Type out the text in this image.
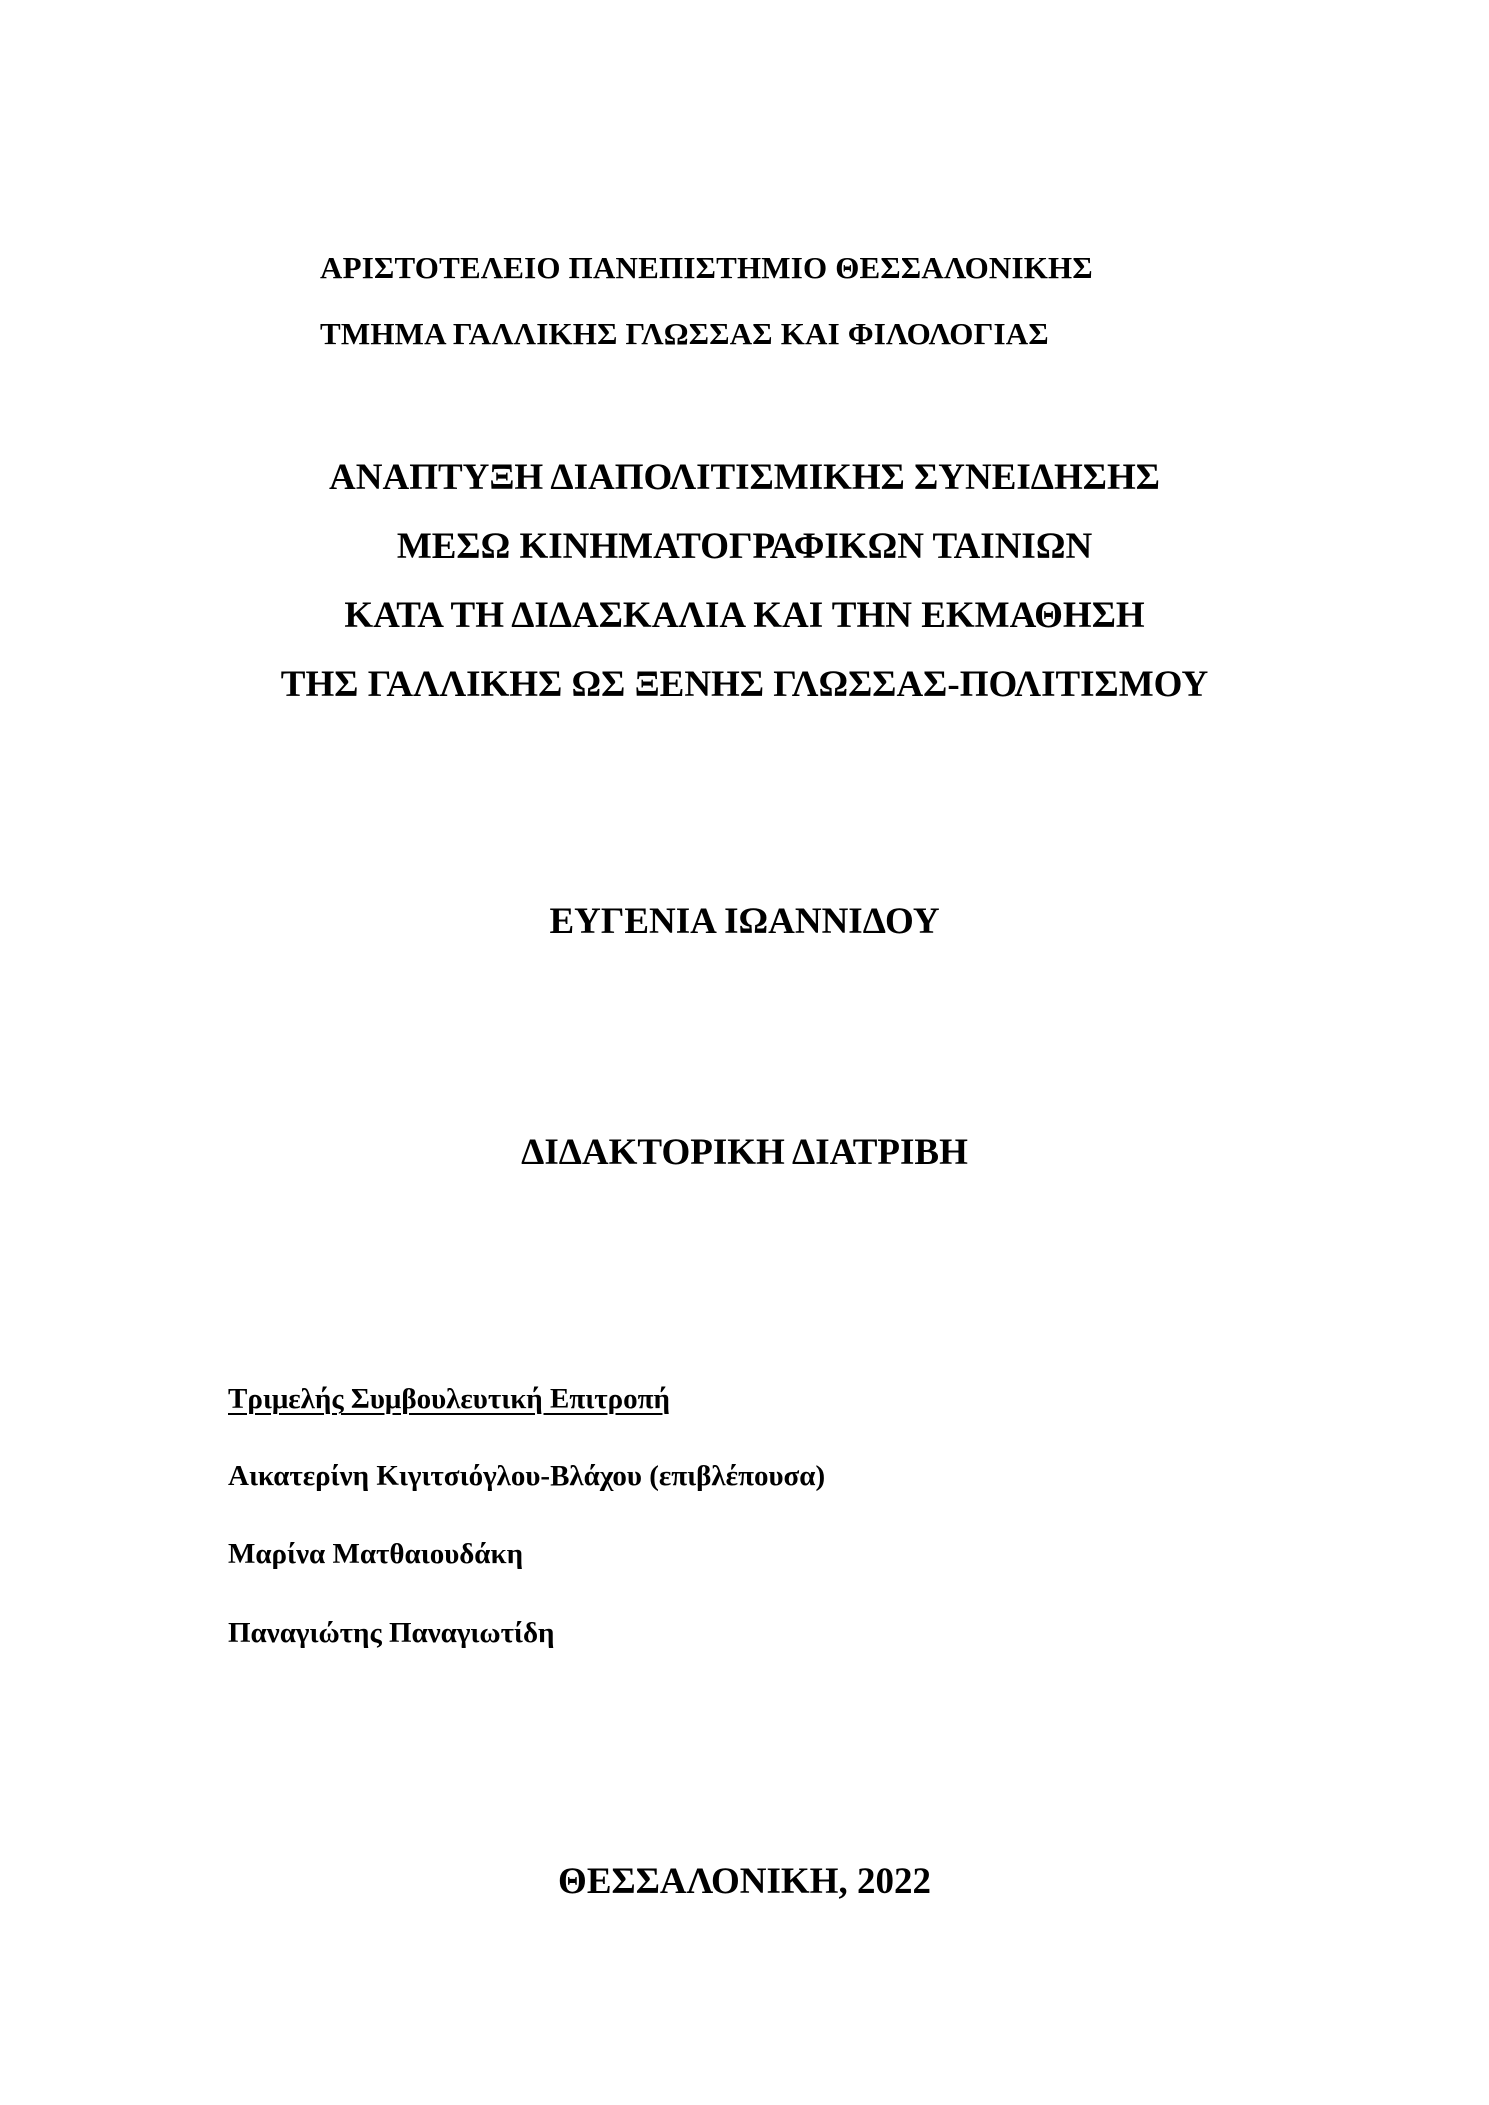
ΑΡΙΣΤΟΤΕΛΕΙΟ ΠΑΝΕΠΙΣΤΗΜΙΟ ΘΕΣΣΑΛΟΝΙΚΗΣ

ΤΜΗΜΑ ΓΑΛΛΙΚΗΣ ΓΛΩΣΣΑΣ ΚΑΙ ΦΙΛΟΛΟΓΙΑΣ

ΑΝΑΠΤΥΞΗ ΔΙΑΠΟΛΙΤΙΣΜΙΚΗΣ ΣΥΝΕΙΔΗΣΗΣ

ΜΕΣΩ ΚΙΝΗΜΑΤΟΓΡΑΦΙΚΩΝ ΤΑΙΝΙΩΝ

ΚΑΤΑ ΤΗ ΔΙΔΑΣΚΑΛΙΑ ΚΑΙ ΤΗΝ ΕΚΜΑΘΗΣΗ

ΤΗΣ ΓΑΛΛΙΚΗΣ ΩΣ ΞΕΝΗΣ ΓΛΩΣΣΑΣ-ΠΟΛΙΤΙΣΜΟΥ

ΕΥΓΕΝΙΑ ΙΩΑΝΝΙΔΟΥ

ΔΙΔΑΚΤΟΡΙΚΗ ΔΙΑΤΡΙΒΗ

Τριμελής Συμβουλευτική Επιτροπή

Αικατερίνη Κιγιτσιόγλου-Βλάχου (επιβλέπουσα)

Μαρίνα Ματθαιουδάκη

Παναγιώτης Παναγιωτίδη

ΘΕΣΣΑΛΟΝΙΚΗ, 2022
